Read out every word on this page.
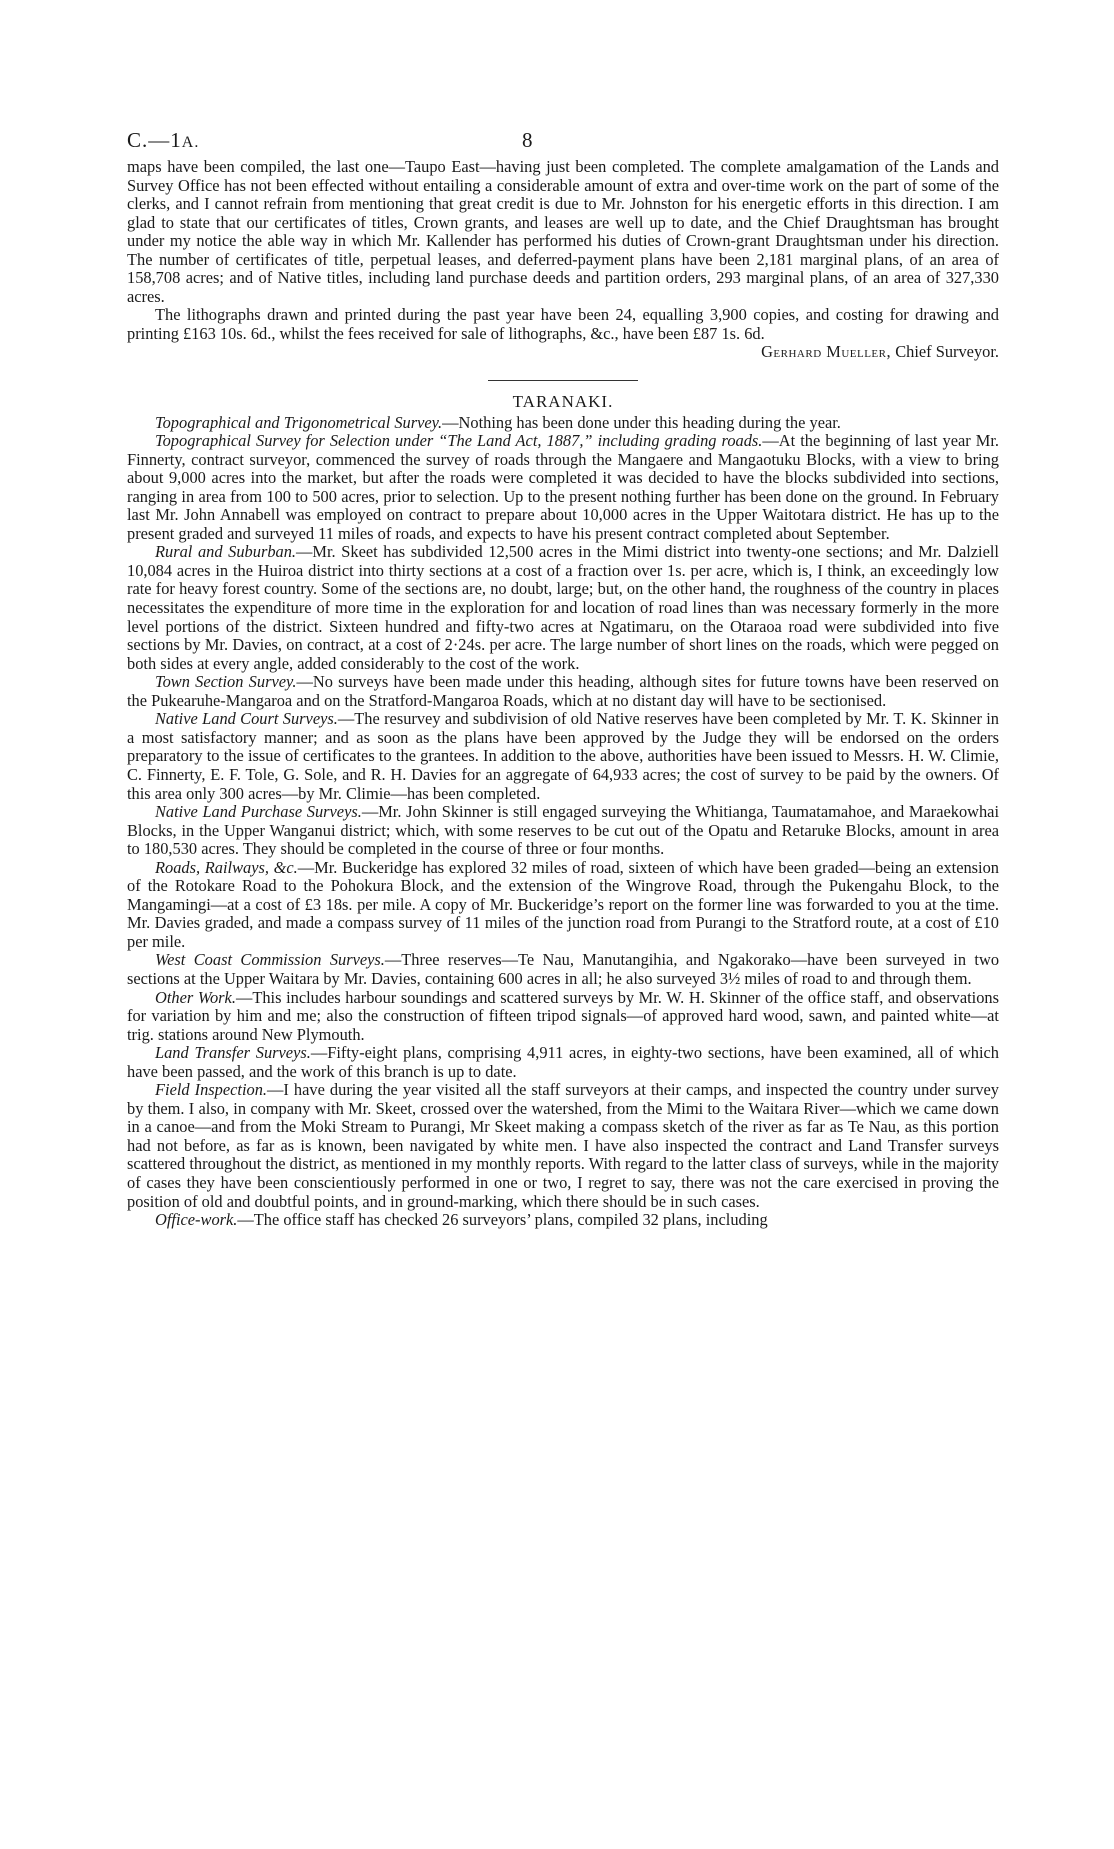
C.—1A.	8

maps have been compiled, the last one—Taupo East—having just been completed. The complete amalgamation of the Lands and Survey Office has not been effected without entailing a considerable amount of extra and over-time work on the part of some of the clerks, and I cannot refrain from mentioning that great credit is due to Mr. Johnston for his energetic efforts in this direction. I am glad to state that our certificates of titles, Crown grants, and leases are well up to date, and the Chief Draughtsman has brought under my notice the able way in which Mr. Kallender has performed his duties of Crown-grant Draughtsman under his direction. The number of certificates of title, perpetual leases, and deferred-payment plans have been 2,181 marginal plans, of an area of 158,708 acres; and of Native titles, including land purchase deeds and partition orders, 293 marginal plans, of an area of 327,330 acres.

The lithographs drawn and printed during the past year have been 24, equalling 3,900 copies, and costing for drawing and printing £163 10s. 6d., whilst the fees received for sale of lithographs, &c., have been £87 1s. 6d.
Gerhard Mueller, Chief Surveyor.

TARANAKI.

Topographical and Trigonometrical Survey.—Nothing has been done under this heading during the year.

Topographical Survey for Selection under “The Land Act, 1887,” including grading roads.—At the beginning of last year Mr. Finnerty, contract surveyor, commenced the survey of roads through the Mangaere and Mangaotuku Blocks, with a view to bring about 9,000 acres into the market, but after the roads were completed it was decided to have the blocks subdivided into sections, ranging in area from 100 to 500 acres, prior to selection. Up to the present nothing further has been done on the ground. In February last Mr. John Annabell was employed on contract to prepare about 10,000 acres in the Upper Waitotara district. He has up to the present graded and surveyed 11 miles of roads, and expects to have his present contract completed about September.

Rural and Suburban.—Mr. Skeet has subdivided 12,500 acres in the Mimi district into twenty-one sections; and Mr. Dalziell 10,084 acres in the Huiroa district into thirty sections at a cost of a fraction over 1s. per acre, which is, I think, an exceedingly low rate for heavy forest country. Some of the sections are, no doubt, large; but, on the other hand, the roughness of the country in places necessitates the expenditure of more time in the exploration for and location of road lines than was necessary formerly in the more level portions of the district. Sixteen hundred and fifty-two acres at Ngatimaru, on the Otaraoa road were subdivided into five sections by Mr. Davies, on contract, at a cost of 2·24s. per acre. The large number of short lines on the roads, which were pegged on both sides at every angle, added considerably to the cost of the work.

Town Section Survey.—No surveys have been made under this heading, although sites for future towns have been reserved on the Pukearuhe-Mangaroa and on the Stratford-Mangaroa Roads, which at no distant day will have to be sectionised.

Native Land Court Surveys.—The resurvey and subdivision of old Native reserves have been completed by Mr. T. K. Skinner in a most satisfactory manner; and as soon as the plans have been approved by the Judge they will be endorsed on the orders preparatory to the issue of certificates to the grantees. In addition to the above, authorities have been issued to Messrs. H. W. Climie, C. Finnerty, E. F. Tole, G. Sole, and R. H. Davies for an aggregate of 64,933 acres; the cost of survey to be paid by the owners. Of this area only 300 acres—by Mr. Climie—has been completed.

Native Land Purchase Surveys.—Mr. John Skinner is still engaged surveying the Whitianga, Taumatamahoe, and Maraekowhai Blocks, in the Upper Wanganui district; which, with some reserves to be cut out of the Opatu and Retaruke Blocks, amount in area to 180,530 acres. They should be completed in the course of three or four months.

Roads, Railways, &c.—Mr. Buckeridge has explored 32 miles of road, sixteen of which have been graded—being an extension of the Rotokare Road to the Pohokura Block, and the extension of the Wingrove Road, through the Pukengahu Block, to the Mangamingi—at a cost of £3 18s. per mile. A copy of Mr. Buckeridge’s report on the former line was forwarded to you at the time. Mr. Davies graded, and made a compass survey of 11 miles of the junction road from Purangi to the Stratford route, at a cost of £10 per mile.

West Coast Commission Surveys.—Three reserves—Te Nau, Manutangihia, and Ngakorako—have been surveyed in two sections at the Upper Waitara by Mr. Davies, containing 600 acres in all; he also surveyed 3½ miles of road to and through them.

Other Work.—This includes harbour soundings and scattered surveys by Mr. W. H. Skinner of the office staff, and observations for variation by him and me; also the construction of fifteen tripod signals—of approved hard wood, sawn, and painted white—at trig. stations around New Plymouth.

Land Transfer Surveys.—Fifty-eight plans, comprising 4,911 acres, in eighty-two sections, have been examined, all of which have been passed, and the work of this branch is up to date.

Field Inspection.—I have during the year visited all the staff surveyors at their camps, and inspected the country under survey by them. I also, in company with Mr. Skeet, crossed over the watershed, from the Mimi to the Waitara River—which we came down in a canoe—and from the Moki Stream to Purangi, Mr Skeet making a compass sketch of the river as far as Te Nau, as this portion had not before, as far as is known, been navigated by white men. I have also inspected the contract and Land Transfer surveys scattered throughout the district, as mentioned in my monthly reports. With regard to the latter class of surveys, while in the majority of cases they have been conscientiously performed in one or two, I regret to say, there was not the care exercised in proving the position of old and doubtful points, and in ground-marking, which there should be in such cases.

Office-work.—The office staff has checked 26 surveyors’ plans, compiled 32 plans, including
